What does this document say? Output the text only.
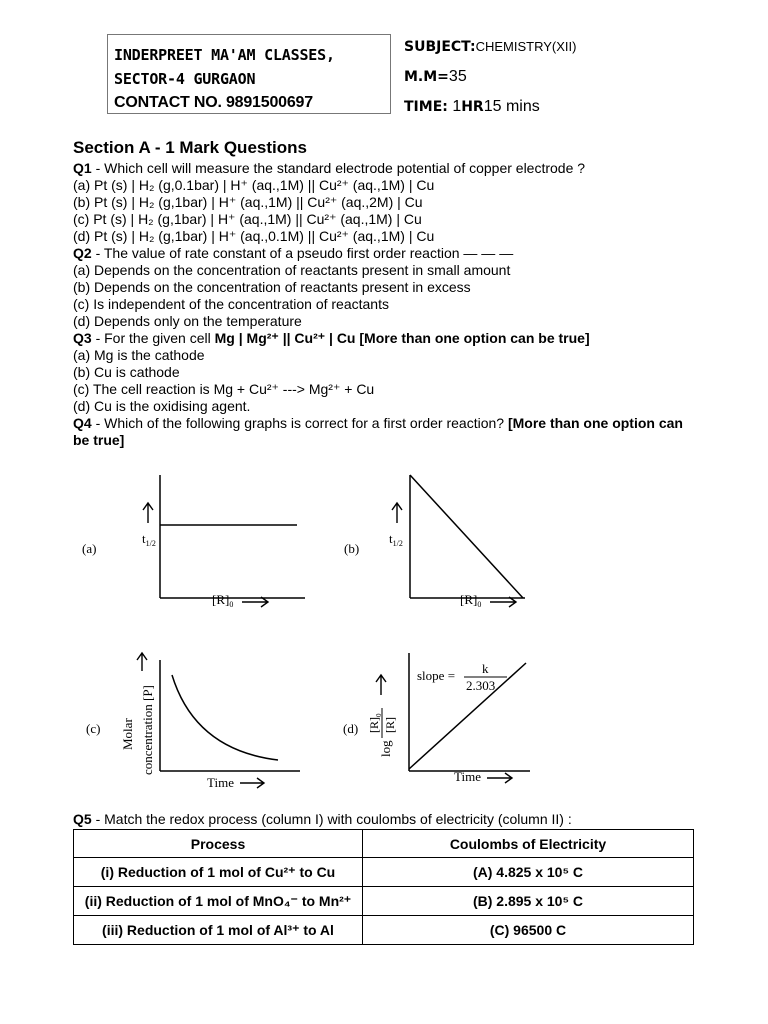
INDERPREET MA'AM CLASSES,
SECTOR-4 GURGAON
CONTACT NO. 9891500697
SUBJECT:CHEMISTRY(XII)
M.M=35
TIME: 1HR15 mins
Section A - 1 Mark Questions
Q1 - Which cell will measure the standard electrode potential of copper electrode ?
(a) Pt (s) | H₂ (g,0.1bar) | H⁺ (aq.,1M) || Cu²⁺ (aq.,1M) | Cu
(b) Pt (s) | H₂ (g,1bar) | H⁺ (aq.,1M) || Cu²⁺ (aq.,2M) | Cu
(c) Pt (s) | H₂ (g,1bar) | H⁺ (aq.,1M) || Cu²⁺ (aq.,1M) | Cu
(d) Pt (s) | H₂ (g,1bar) | H⁺ (aq.,0.1M) || Cu²⁺ (aq.,1M) | Cu
Q2 - The value of rate constant of a pseudo first order reaction — — —
(a) Depends on the concentration of reactants present in small amount
(b) Depends on the concentration of reactants present in excess
(c) Is independent of the concentration of reactants
(d) Depends only on the temperature
Q3 - For the given cell Mg | Mg²⁺ || Cu²⁺ | Cu [More than one option can be true]
(a) Mg is the cathode
(b) Cu is cathode
(c) The cell reaction is Mg + Cu²⁺ ---> Mg²⁺ + Cu
(d) Cu is the oxidising agent.
Q4 - Which of the following graphs is correct for a first order reaction? [More than one option can be true]
(a)
$t_{1/2}$
$[R]_0$
(b)
$t_{1/2}$
$[R]_0$
(c) Molar concentration [P]
Time
(d)
log
$[R]_0$
[R]
slope = k
2.303
Time
Q5 - Match the redox process (column I) with coulombs of electricity (column II) :
Process	Coulombs of Electricity
(i) Reduction of 1 mol of Cu²⁺ to Cu	(A) 4.825 x 10⁵ C
(ii) Reduction of 1 mol of MnO₄⁻ to Mn²⁺	(B) 2.895 x 10⁵ C
(iii) Reduction of 1 mol of Al³⁺ to Al	(C) 96500 C
